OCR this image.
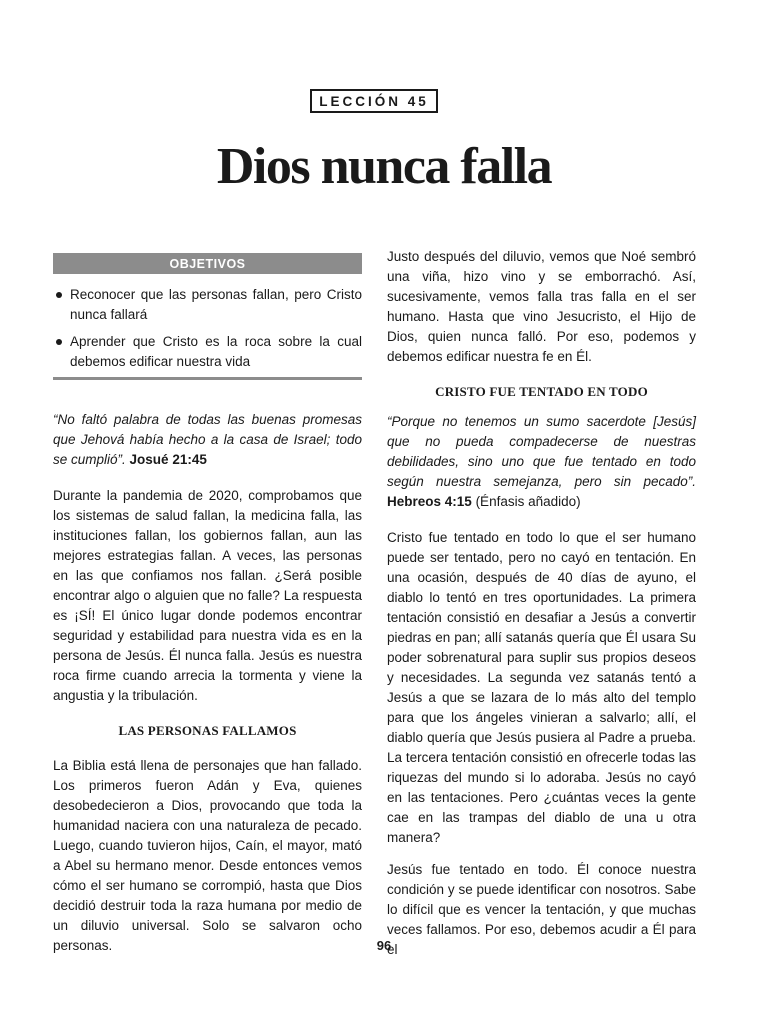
LECCIÓN 45
Dios nunca falla
OBJETIVOS
Reconocer que las personas fallan, pero Cristo nunca fallará
Aprender que Cristo es la roca sobre la cual debemos edificar nuestra vida

“No faltó palabra de todas las buenas promesas que Jehová había hecho a la casa de Israel; todo se cumplió”. Josué 21:45

Durante la pandemia de 2020, comprobamos que los sistemas de salud fallan, la medicina falla, las instituciones fallan, los gobiernos fallan, aun las mejores estrategias fallan. A veces, las personas en las que confiamos nos fallan. ¿Será posible encontrar algo o alguien que no falle? La respuesta es ¡SÍ! El único lugar donde podemos encontrar seguridad y estabilidad para nuestra vida es en la persona de Jesús. Él nunca falla. Jesús es nuestra roca firme cuando arrecia la tormenta y viene la angustia y la tribulación.

LAS PERSONAS FALLAMOS

La Biblia está llena de personajes que han fallado. Los primeros fueron Adán y Eva, quienes desobedecieron a Dios, provocando que toda la humanidad naciera con una naturaleza de pecado. Luego, cuando tuvieron hijos, Caín, el mayor, mató a Abel su hermano menor. Desde entonces vemos cómo el ser humano se corrompió, hasta que Dios decidió destruir toda la raza humana por medio de un diluvio universal. Solo se salvaron ocho personas.

Justo después del diluvio, vemos que Noé sembró una viña, hizo vino y se emborrachó. Así, sucesivamente, vemos falla tras falla en el ser humano. Hasta que vino Jesucristo, el Hijo de Dios, quien nunca falló. Por eso, podemos y debemos edificar nuestra fe en Él.

CRISTO FUE TENTADO EN TODO

“Porque no tenemos un sumo sacerdote [Jesús] que no pueda compadecerse de nuestras debilidades, sino uno que fue tentado en todo según nuestra semejanza, pero sin pecado”. Hebreos 4:15 (Énfasis añadido)

Cristo fue tentado en todo lo que el ser humano puede ser tentado, pero no cayó en tentación. En una ocasión, después de 40 días de ayuno, el diablo lo tentó en tres oportunidades. La primera tentación consistió en desafiar a Jesús a convertir piedras en pan; allí satanás quería que Él usara Su poder sobrenatural para suplir sus propios deseos y necesidades. La segunda vez satanás tentó a Jesús a que se lazara de lo más alto del templo para que los ángeles vinieran a salvarlo; allí, el diablo quería que Jesús pusiera al Padre a prueba. La tercera tentación consistió en ofrecerle todas las riquezas del mundo si lo adoraba. Jesús no cayó en las tentaciones. Pero ¿cuántas veces la gente cae en las trampas del diablo de una u otra manera?

Jesús fue tentado en todo. Él conoce nuestra condición y se puede identificar con nosotros. Sabe lo difícil que es vencer la tentación, y que muchas veces fallamos. Por eso, debemos acudir a Él para el

96
